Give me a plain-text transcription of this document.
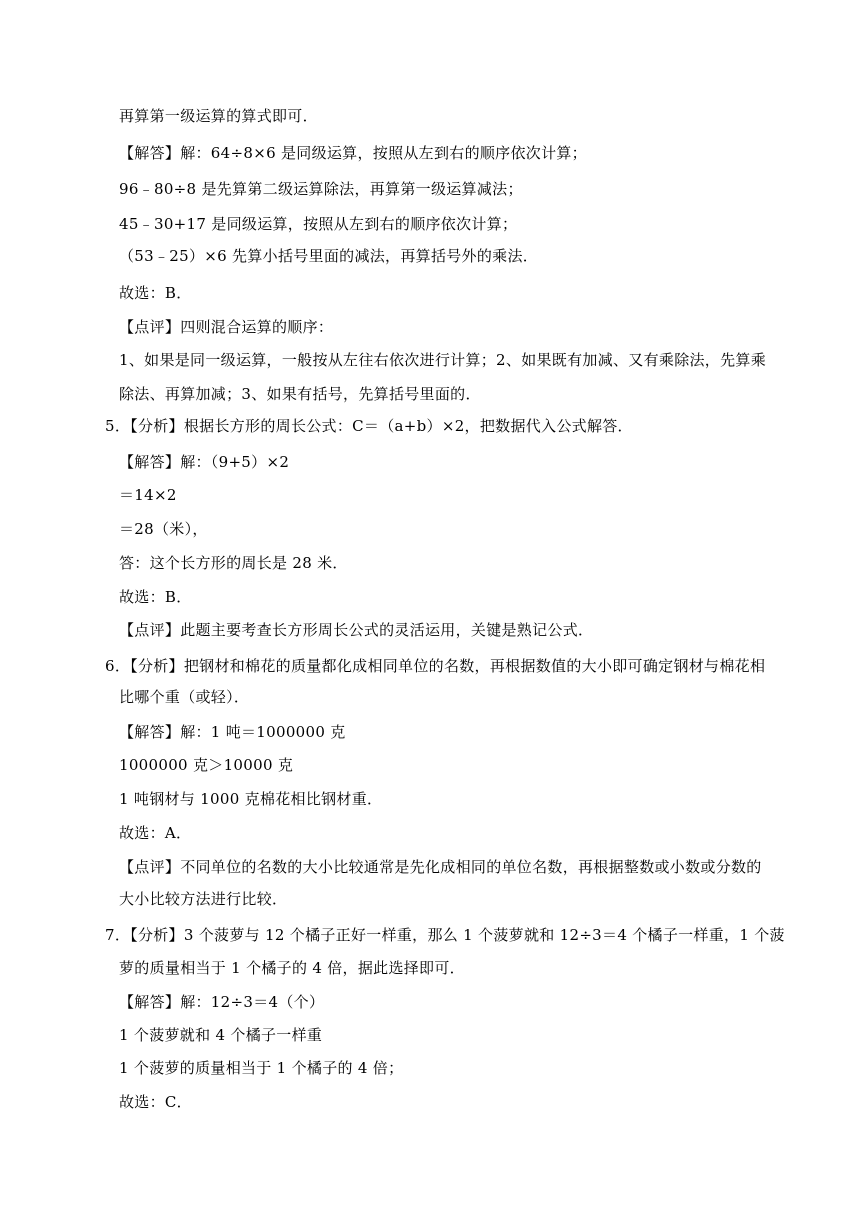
再算第一级运算的算式即可．
【解答】解：64÷8×6 是同级运算，按照从左到右的顺序依次计算；
96﹣80÷8 是先算第二级运算除法，再算第一级运算减法；
45﹣30+17 是同级运算，按照从左到右的顺序依次计算；
（53﹣25）×6 先算小括号里面的减法，再算括号外的乘法．
故选：B．
【点评】四则混合运算的顺序：
1、如果是同一级运算，一般按从左往右依次进行计算；2、如果既有加减、又有乘除法，先算乘
除法、再算加减；3、如果有括号，先算括号里面的．
5．【分析】根据长方形的周长公式：C＝（a+b）×2，把数据代入公式解答．
【解答】解：（9+5）×2
＝14×2
＝28（米），
答：这个长方形的周长是 28 米．
故选：B．
【点评】此题主要考查长方形周长公式的灵活运用，关键是熟记公式．
6．【分析】把钢材和棉花的质量都化成相同单位的名数，再根据数值的大小即可确定钢材与棉花相
比哪个重（或轻）．
【解答】解：1 吨＝1000000 克
1000000 克＞10000 克
1 吨钢材与 1000 克棉花相比钢材重．
故选：A．
【点评】不同单位的名数的大小比较通常是先化成相同的单位名数，再根据整数或小数或分数的
大小比较方法进行比较．
7．【分析】3 个菠萝与 12 个橘子正好一样重，那么 1 个菠萝就和 12÷3＝4 个橘子一样重，1 个菠
萝的质量相当于 1 个橘子的 4 倍，据此选择即可．
【解答】解：12÷3＝4（个）
1 个菠萝就和 4 个橘子一样重
1 个菠萝的质量相当于 1 个橘子的 4 倍；
故选：C．
